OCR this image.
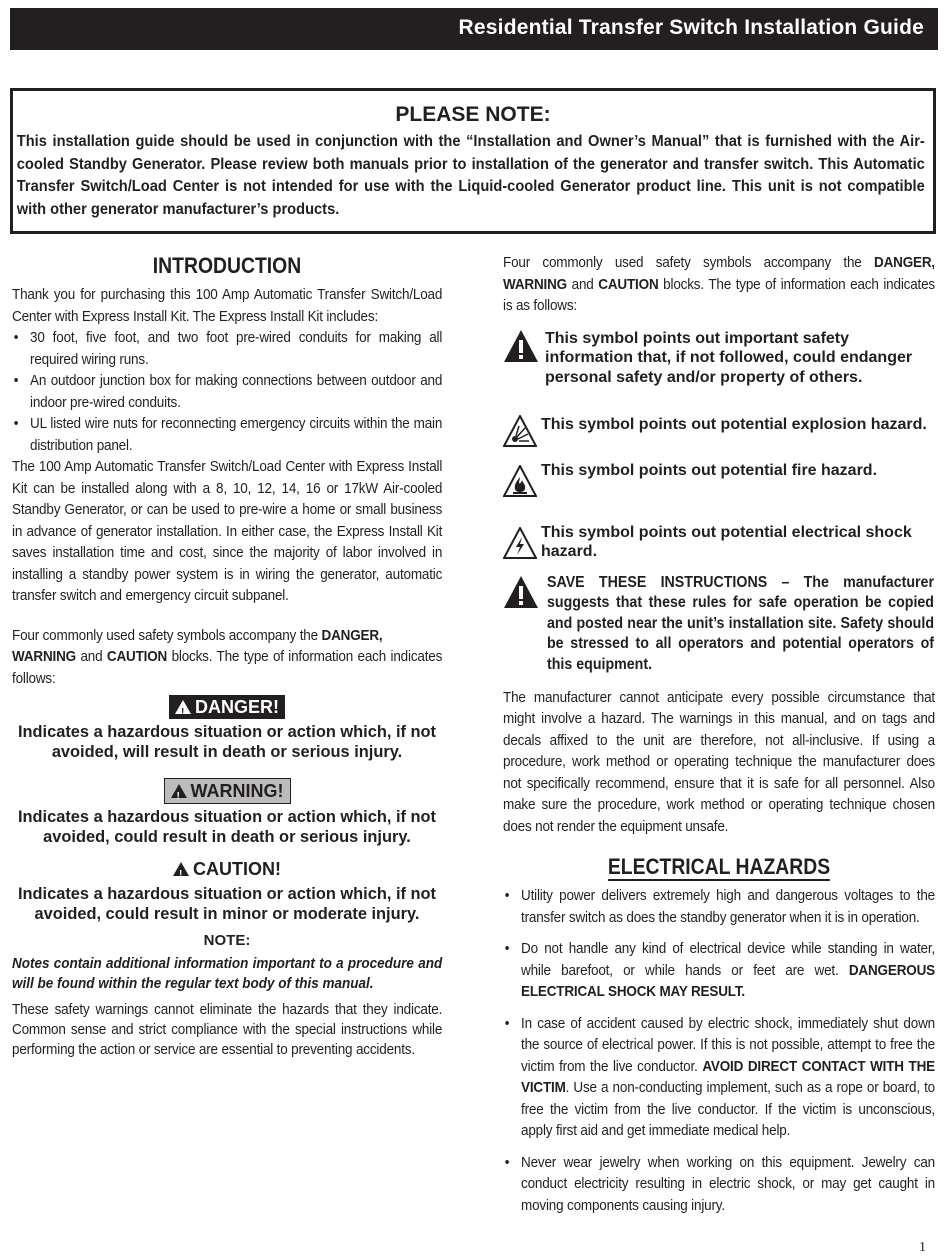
Residential Transfer Switch Installation Guide
PLEASE NOTE:
This installation guide should be used in conjunction with the “Installation and Owner’s Manual” that is furnished with the Air-cooled Standby Generator. Please review both manuals prior to installation of the generator and transfer switch. This Automatic Transfer Switch/Load Center is not intended for use with the Liquid-cooled Generator product line. This unit is not compatible with other generator manufacturer’s products.
INTRODUCTION

Thank you for purchasing this 100 Amp Automatic Transfer Switch/Load Center with Express Install Kit. The Express Install Kit includes:

• 30 foot, five foot, and two foot pre-wired conduits for making all required wiring runs.
• An outdoor junction box for making connections between outdoor and indoor pre-wired conduits.
• UL listed wire nuts for reconnecting emergency circuits within the main distribution panel.

The 100 Amp Automatic Transfer Switch/Load Center with Express Install Kit can be installed along with a 8, 10, 12, 14, 16 or 17kW Air-cooled Standby Generator, or can be used to pre-wire a home or small business in advance of generator installation. In either case, the Express Install Kit saves installation time and cost, since the majority of labor involved in installing a standby power system is in wiring the generator, automatic transfer switch and emergency circuit subpanel.

Four commonly used safety symbols accompany the DANGER,
WARNING and CAUTION blocks. The type of information each indicates follows:

!DANGER!
Indicates a hazardous situation or action which, if not avoided, will result in death or serious injury.
!WARNING!
Indicates a hazardous situation or action which, if not avoided, could result in death or serious injury.
!CAUTION!
Indicates a hazardous situation or action which, if not avoided, could result in minor or moderate injury.
NOTE:

Notes contain additional information important to a procedure and will be found within the regular text body of this manual.

These safety warnings cannot eliminate the hazards that they indicate. Common sense and strict compliance with the special instructions while performing the action or service are essential to preventing accidents.

Four commonly used safety symbols accompany the DANGER, WARNING and CAUTION blocks. The type of information each indicates is as follows:

This symbol points out important safety information that, if not followed, could endanger personal safety and/or property of others.
This symbol points out potential explosion hazard.
This symbol points out potential fire hazard.
This symbol points out potential electrical shock hazard.
SAVE THESE INSTRUCTIONS – The manufacturer suggests that these rules for safe operation be copied and posted near the unit’s installation site. Safety should be stressed to all operators and potential operators of this equipment.

The manufacturer cannot anticipate every possible circumstance that might involve a hazard. The warnings in this manual, and on tags and decals affixed to the unit are therefore, not all-inclusive. If using a procedure, work method or operating technique the manufacturer does not specifically recommend, ensure that it is safe for all personnel. Also make sure the procedure, work method or operating technique chosen does not render the equipment unsafe.

ELECTRICAL HAZARDS
• Utility power delivers extremely high and dangerous voltages to the transfer switch as does the standby generator when it is in operation.
• Do not handle any kind of electrical device while standing in water, while barefoot, or while hands or feet are wet. DANGEROUS ELECTRICAL SHOCK MAY RESULT.
• In case of accident caused by electric shock, immediately shut down the source of electrical power. If this is not possible, attempt to free the victim from the live conductor. AVOID DIRECT CONTACT WITH THE VICTIM. Use a non-conducting implement, such as a rope or board, to free the victim from the live conductor. If the victim is unconscious, apply first aid and get immediate medical help.
• Never wear jewelry when working on this equipment. Jewelry can conduct electricity resulting in electric shock, or may get caught in moving components causing injury.
1
